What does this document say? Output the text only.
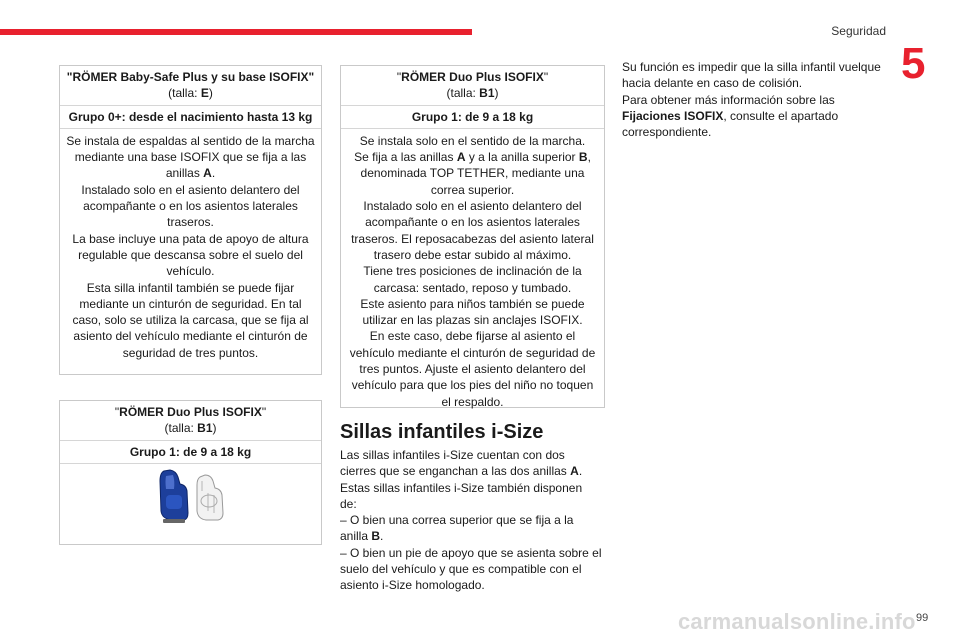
Seguridad
5
"RÖMER Baby-Safe Plus y su base ISOFIX"
(talla: E)
Grupo 0+: desde el nacimiento hasta 13 kg
Se instala de espaldas al sentido de la marcha mediante una base ISOFIX que se fija a las anillas A.
Instalado solo en el asiento delantero del acompañante o en los asientos laterales traseros.
La base incluye una pata de apoyo de altura regulable que descansa sobre el suelo del vehículo.
Esta silla infantil también se puede fijar mediante un cinturón de seguridad. En tal caso, solo se utiliza la carcasa, que se fija al asiento del vehículo mediante el cinturón de seguridad de tres puntos.
"RÖMER Duo Plus ISOFIX"
(talla: B1)
Grupo 1: de 9 a 18 kg
"RÖMER Duo Plus ISOFIX"
(talla: B1)
Grupo 1: de 9 a 18 kg
Se instala solo en el sentido de la marcha.
Se fija a las anillas A y a la anilla superior B, denominada TOP TETHER, mediante una correa superior.
Instalado solo en el asiento delantero del acompañante o en los asientos laterales traseros. El reposacabezas del asiento lateral trasero debe estar subido al máximo.
Tiene tres posiciones de inclinación de la carcasa: sentado, reposo y tumbado.
Este asiento para niños también se puede utilizar en las plazas sin anclajes ISOFIX.
En este caso, debe fijarse al asiento el vehículo mediante el cinturón de seguridad de tres puntos. Ajuste el asiento delantero del vehículo para que los pies del niño no toquen el respaldo.
Sillas infantiles i-Size
Las sillas infantiles i-Size cuentan con dos cierres que se enganchan a las dos anillas A.
Estas sillas infantiles i-Size también disponen de:
– O bien una correa superior que se fija a la anilla B.
– O bien un pie de apoyo que se asienta sobre el suelo del vehículo y que es compatible con el asiento i-Size homologado.
Su función es impedir que la silla infantil vuelque hacia delante en caso de colisión.
Para obtener más información sobre las Fijaciones ISOFIX, consulte el apartado correspondiente.
carmanualsonline.info 99
